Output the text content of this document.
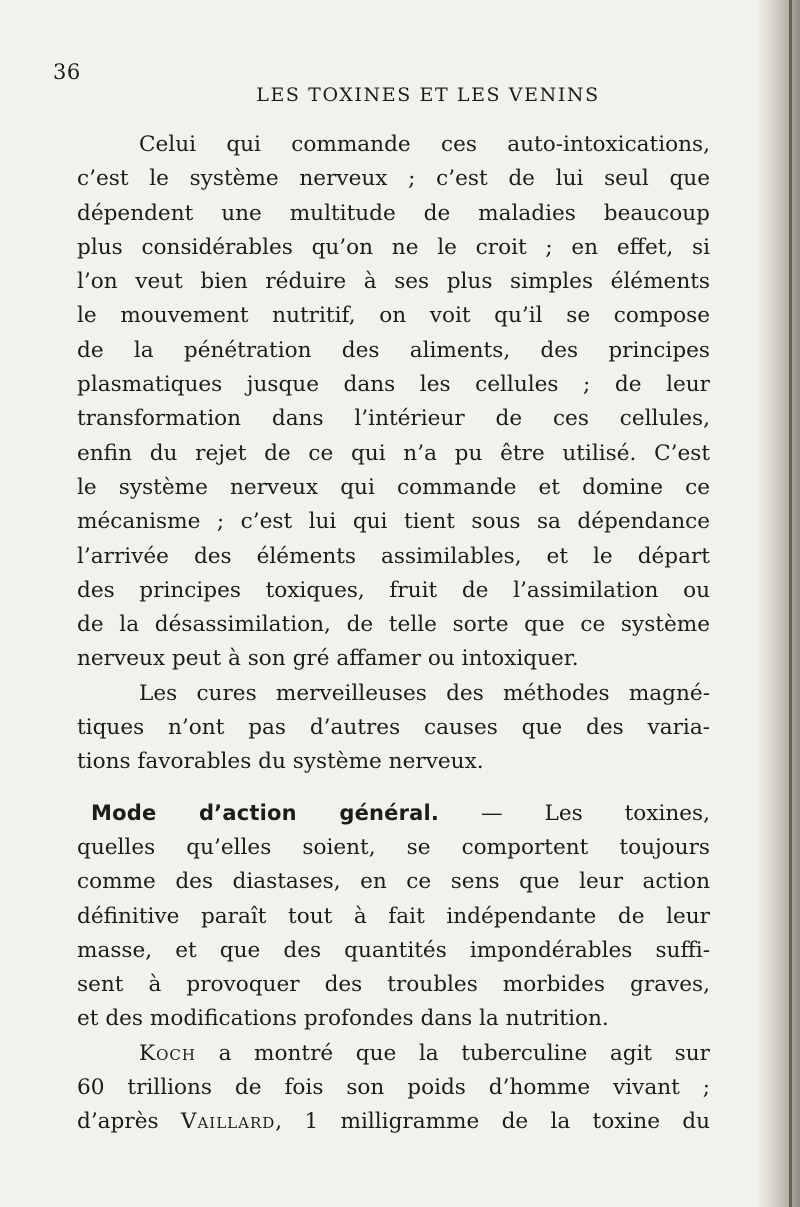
36
LES TOXINES ET LES VENINS
Celui qui commande ces auto-intoxications,
c’est le système nerveux ; c’est de lui seul que
dépendent une multitude de maladies beaucoup
plus considérables qu’on ne le croit ; en effet, si
l’on veut bien réduire à ses plus simples éléments
le mouvement nutritif, on voit qu’il se compose
de la pénétration des aliments, des principes
plasmatiques jusque dans les cellules ; de leur
transformation dans l’intérieur de ces cellules,
enfin du rejet de ce qui n’a pu être utilisé. C’est
le système nerveux qui commande et domine ce
mécanisme ; c’est lui qui tient sous sa dépendance
l’arrivée des éléments assimilables, et le départ
des principes toxiques, fruit de l’assimilation ou
de la désassimilation, de telle sorte que ce système
nerveux peut à son gré affamer ou intoxiquer.
Les cures merveilleuses des méthodes magné-
tiques n’ont pas d’autres causes que des varia-
tions favorables du système nerveux.
Mode d’action général. — Les toxines,
quelles qu’elles soient, se comportent toujours
comme des diastases, en ce sens que leur action
définitive paraît tout à fait indépendante de leur
masse, et que des quantités impondérables suffi-
sent à provoquer des troubles morbides graves,
et des modifications profondes dans la nutrition.
Koch a montré que la tuberculine agit sur
60 trillions de fois son poids d’homme vivant ;
d’après Vaillard, 1 milligramme de la toxine du
